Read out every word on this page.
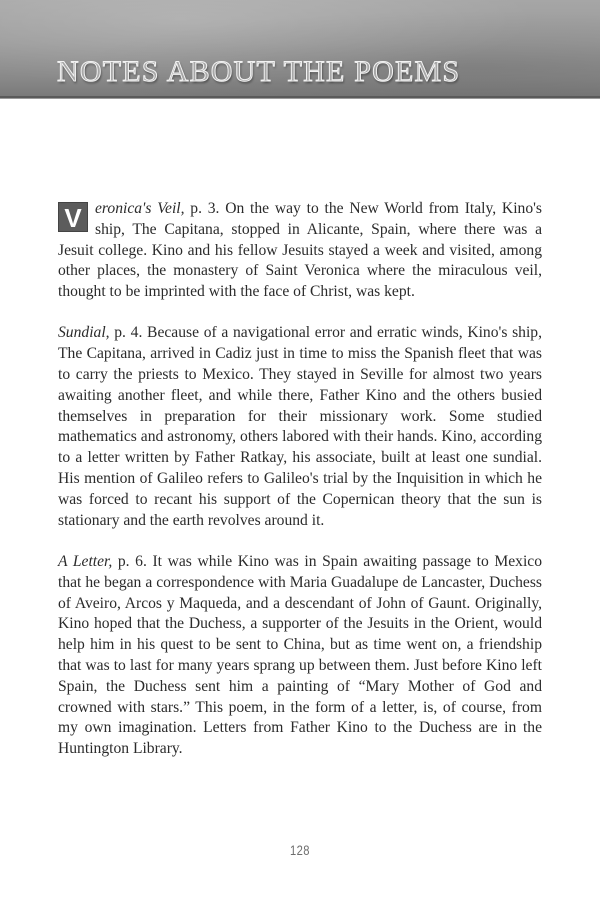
NOTES ABOUT THE POEMS

V eronica's Veil, p. 3. On the way to the New World from Italy, Kino's ship, The Capitana, stopped in Alicante, Spain, where there was a Jesuit college. Kino and his fellow Jesuits stayed a week and visited, among other places, the monastery of Saint Veronica where the miraculous veil, thought to be imprinted with the face of Christ, was kept.

Sundial, p. 4. Because of a navigational error and erratic winds, Kino's ship, The Capitana, arrived in Cadiz just in time to miss the Spanish fleet that was to carry the priests to Mexico. They stayed in Seville for almost two years awaiting another fleet, and while there, Father Kino and the others busied themselves in preparation for their missionary work. Some studied mathematics and astronomy, others labored with their hands. Kino, according to a letter written by Father Ratkay, his associate, built at least one sundial. His mention of Galileo refers to Galileo's trial by the Inquisition in which he was forced to recant his support of the Copernican theory that the sun is stationary and the earth revolves around it.

A Letter, p. 6. It was while Kino was in Spain awaiting passage to Mexico that he began a correspondence with Maria Guadalupe de Lancaster, Duchess of Aveiro, Arcos y Maqueda, and a descendant of John of Gaunt. Originally, Kino hoped that the Duchess, a supporter of the Jesuits in the Orient, would help him in his quest to be sent to China, but as time went on, a friendship that was to last for many years sprang up between them. Just before Kino left Spain, the Duchess sent him a painting of “Mary Mother of God and crowned with stars.” This poem, in the form of a letter, is, of course, from my own imagination. Letters from Father Kino to the Duchess are in the Huntington Library.

128
